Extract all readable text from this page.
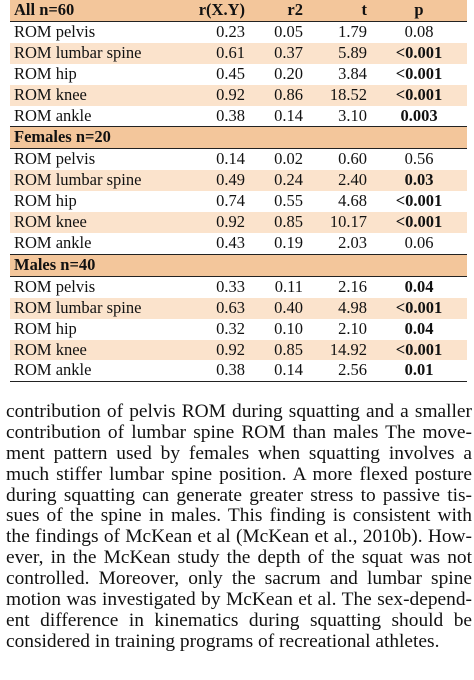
All n=60	r(X.Y)	r2	t	p
ROM pelvis	0.23	0.05	1.79	0.08
ROM lumbar spine	0.61	0.37	5.89	<0.001
ROM hip	0.45	0.20	3.84	<0.001
ROM knee	0.92	0.86	18.52	<0.001
ROM ankle	0.38	0.14	3.10	0.003
Females n=20				
ROM pelvis	0.14	0.02	0.60	0.56
ROM lumbar spine	0.49	0.24	2.40	0.03
ROM hip	0.74	0.55	4.68	<0.001
ROM knee	0.92	0.85	10.17	<0.001
ROM ankle	0.43	0.19	2.03	0.06
Males n=40				
ROM pelvis	0.33	0.11	2.16	0.04
ROM lumbar spine	0.63	0.40	4.98	<0.001
ROM hip	0.32	0.10	2.10	0.04
ROM knee	0.92	0.85	14.92	<0.001
ROM ankle	0.38	0.14	2.56	0.01
contribution of pelvis ROM during squatting and a smaller
contribution of lumbar spine ROM than males The move-
ment pattern used by females when squatting involves a
much stiffer lumbar spine position. A more flexed posture
during squatting can generate greater stress to passive tis-
sues of the spine in males. This finding is consistent with
the findings of McKean et al (McKean et al., 2010b). How-
ever, in the McKean study the depth of the squat was not
controlled. Moreover, only the sacrum and lumbar spine
motion was investigated by McKean et al. The sex-depend-
ent difference in kinematics during squatting should be
considered in training programs of recreational athletes.
